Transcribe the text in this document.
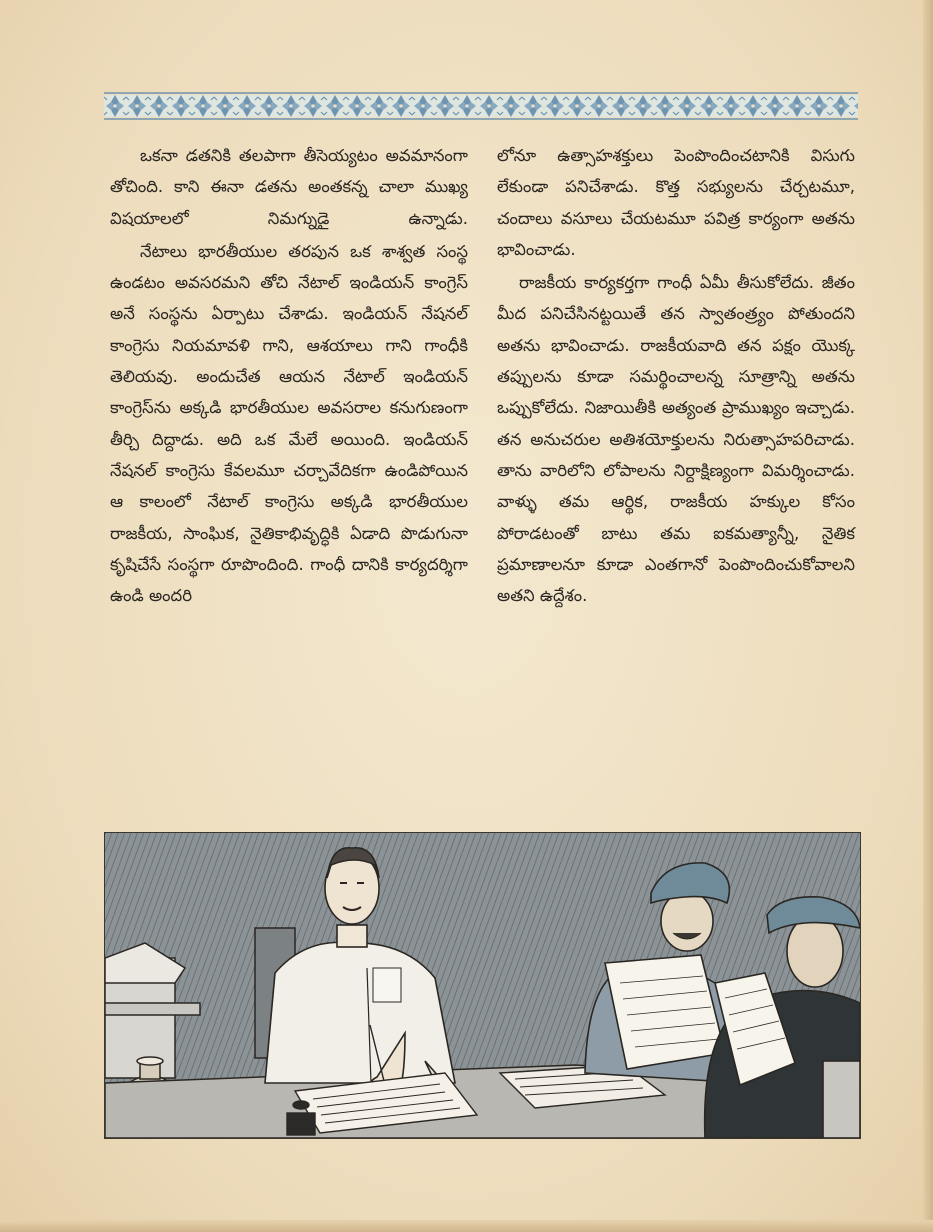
ఒకనా డతనికి తలపాగా తీసెయ్యటం అవమానంగా తోచింది. కాని ఈనా డతను అంతకన్న చాలా ముఖ్య విషయాలలో నిమగ్నుడై ఉన్నాడు.

నేటాలు భారతీయుల తరపున ఒక శాశ్వత సంస్థ ఉండటం అవసరమని తోచి నేటాల్ ఇండియన్ కాంగ్రెస్ అనే సంస్థను ఏర్పాటు చేశాడు. ఇండియన్ నేషనల్ కాంగ్రెసు నియమావళి గాని, ఆశయాలు గాని గాంధీకి తెలియవు. అందుచేత ఆయన నేటాల్ ఇండియన్ కాంగ్రెస్‌ను అక్కడి భారతీయుల అవసరాల కనుగుణంగా తీర్చి దిద్దాడు. అది ఒక మేలే అయింది. ఇండియన్ నేషనల్ కాంగ్రెసు కేవలమూ చర్చావేదికగా ఉండిపోయిన ఆ కాలంలో నేటాల్ కాంగ్రెసు అక్కడి భారతీయుల రాజకీయ, సాంఘిక, నైతికాభివృద్ధికి ఏడాది పొడుగునా కృషిచేసే సంస్థగా రూపొందింది. గాంధీ దానికి కార్యదర్శిగా ఉండి అందరి

లోనూ ఉత్సాహశక్తులు పెంపొందించటానికి విసుగు లేకుండా పనిచేశాడు. కొత్త సభ్యులను చేర్చటమూ, చందాలు వసూలు చేయటమూ పవిత్ర కార్యంగా అతను భావించాడు.

రాజకీయ కార్యకర్తగా గాంధీ ఏమీ తీసుకోలేదు. జీతం మీద పనిచేసినట్టయితే తన స్వాతంత్ర్యం పోతుందని అతను భావించాడు. రాజకీయవాది తన పక్షం యొక్క తప్పులను కూడా సమర్థించాలన్న సూత్రాన్ని అతను ఒప్పుకోలేదు. నిజాయితీకి అత్యంత ప్రాముఖ్యం ఇచ్చాడు. తన అనుచరుల అతిశయోక్తులను నిరుత్సాహపరిచాడు. తాను వారిలోని లోపాలను నిర్దాక్షిణ్యంగా విమర్శించాడు. వాళ్ళు తమ ఆర్థిక, రాజకీయ హక్కుల కోసం పోరాడటంతో బాటు తమ ఐకమత్యాన్నీ, నైతిక ప్రమాణాలనూ కూడా ఎంతగానో పెంపొందించుకోవాలని అతని ఉద్దేశం.
